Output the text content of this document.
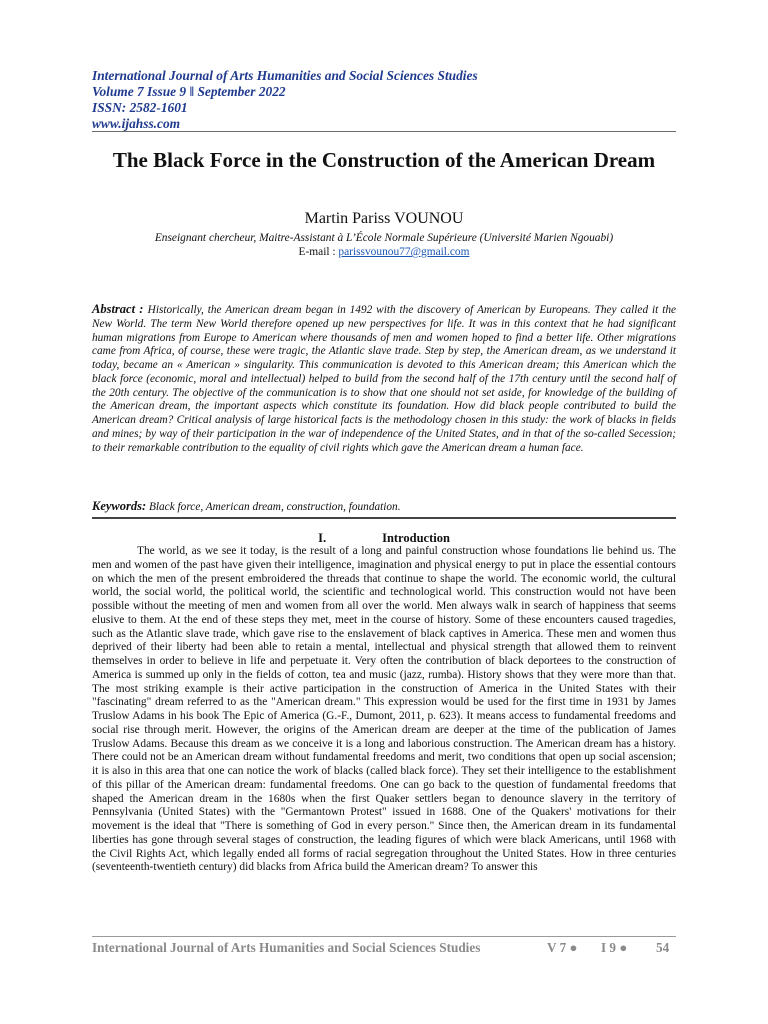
International Journal of Arts Humanities and Social Sciences Studies
Volume 7 Issue 9 ǁ September 2022
ISSN: 2582-1601
www.ijahss.com
The Black Force in the Construction of the American Dream
Martin Pariss VOUNOU
Enseignant chercheur, Maitre-Assistant à L’École Normale Supérieure (Université Marien Ngouabi)
E-mail : parissvounou77@gmail.com
Abstract : Historically, the American dream began in 1492 with the discovery of American by Europeans. They called it the New World. The term New World therefore opened up new perspectives for life. It was in this context that he had significant human migrations from Europe to American where thousands of men and women hoped to find a better life. Other migrations came from Africa, of course, these were tragic, the Atlantic slave trade. Step by step, the American dream, as we understand it today, became an « American » singularity. This communication is devoted to this American dream; this American which the black force (economic, moral and intellectual) helped to build from the second half of the 17th century until the second half of the 20th century. The objective of the communication is to show that one should not set aside, for knowledge of the building of the American dream, the important aspects which constitute its foundation. How did black people contributed to build the American dream? Critical analysis of large historical facts is the methodology chosen in this study: the work of blacks in fields and mines; by way of their participation in the war of independence of the United States, and in that of the so-called Secession; to their remarkable contribution to the equality of civil rights which gave the American dream a human face.
Keywords: Black force, American dream, construction, foundation.
I.	Introduction
The world, as we see it today, is the result of a long and painful construction whose foundations lie behind us. The men and women of the past have given their intelligence, imagination and physical energy to put in place the essential contours on which the men of the present embroidered the threads that continue to shape the world. The economic world, the cultural world, the social world, the political world, the scientific and technological world. This construction would not have been possible without the meeting of men and women from all over the world. Men always walk in search of happiness that seems elusive to them. At the end of these steps they met, meet in the course of history. Some of these encounters caused tragedies, such as the Atlantic slave trade, which gave rise to the enslavement of black captives in America. These men and women thus deprived of their liberty had been able to retain a mental, intellectual and physical strength that allowed them to reinvent themselves in order to believe in life and perpetuate it. Very often the contribution of black deportees to the construction of America is summed up only in the fields of cotton, tea and music (jazz, rumba). History shows that they were more than that. The most striking example is their active participation in the construction of America in the United States with their "fascinating" dream referred to as the "American dream." This expression would be used for the first time in 1931 by James Truslow Adams in his book The Epic of America (G.-F., Dumont, 2011, p. 623). It means access to fundamental freedoms and social rise through merit. However, the origins of the American dream are deeper at the time of the publication of James Truslow Adams. Because this dream as we conceive it is a long and laborious construction. The American dream has a history. There could not be an American dream without fundamental freedoms and merit, two conditions that open up social ascension; it is also in this area that one can notice the work of blacks (called black force). They set their intelligence to the establishment of this pillar of the American dream: fundamental freedoms. One can go back to the question of fundamental freedoms that shaped the American dream in the 1680s when the first Quaker settlers began to denounce slavery in the territory of Pennsylvania (United States) with the "Germantown Protest" issued in 1688. One of the Quakers' motivations for their movement is the ideal that "There is something of God in every person." Since then, the American dream in its fundamental liberties has gone through several stages of construction, the leading figures of which were black Americans, until 1968 with the Civil Rights Act, which legally ended all forms of racial segregation throughout the United States. How in three centuries (seventeenth-twentieth century) did blacks from Africa build the American dream? To answer this
International Journal of Arts Humanities and Social Sciences Studies	V 7 ● I 9 ● 54
